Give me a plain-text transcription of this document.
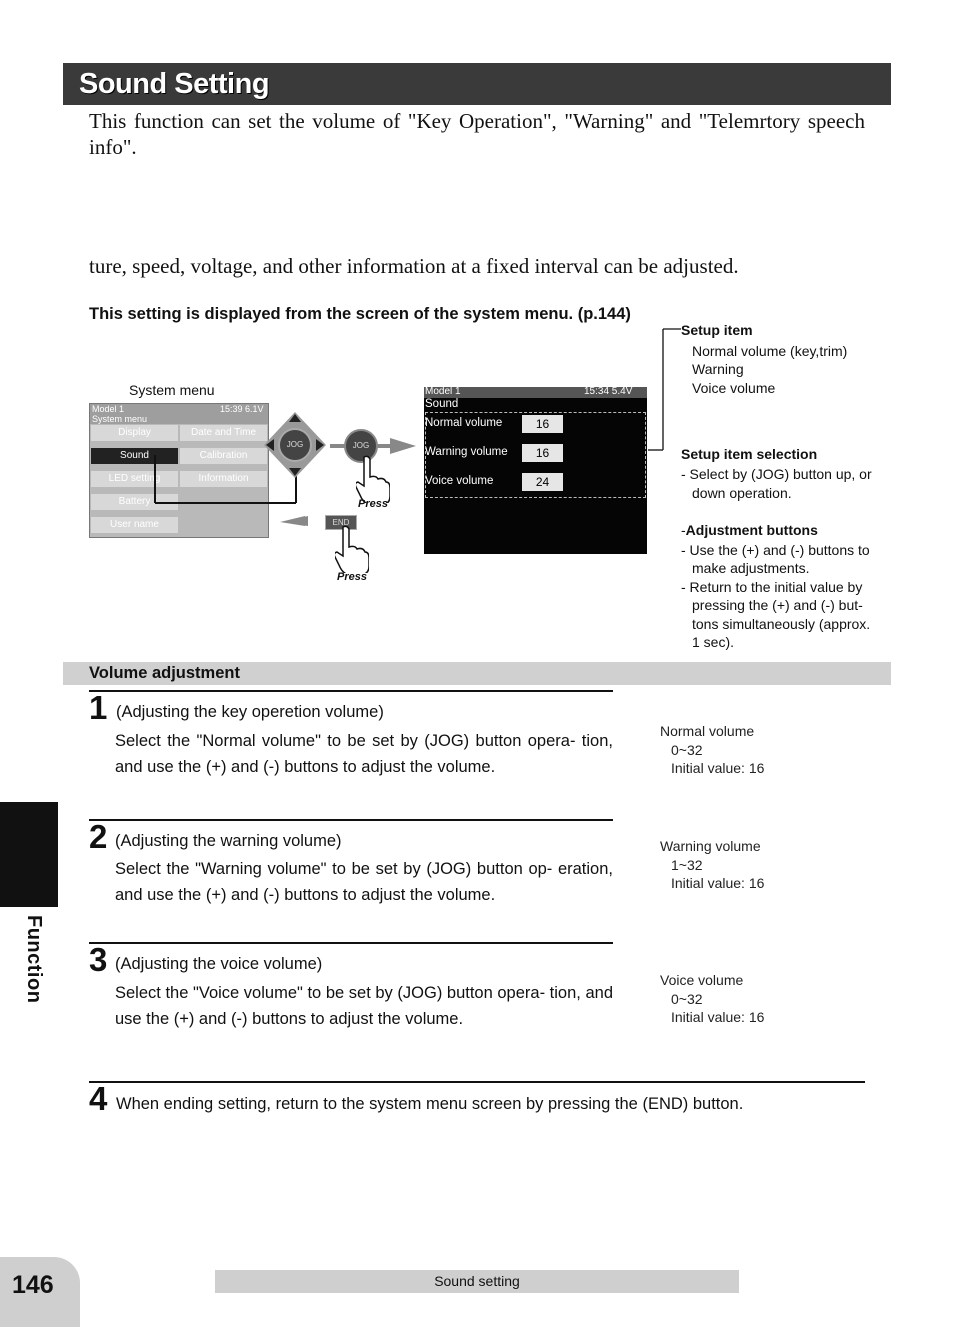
Sound Setting
This function can set the volume of "Key Operation", "Warning" and "Telemrtory speech info".
ture, speed, voltage, and other information at a fixed interval can be adjusted.
This setting is displayed from the screen of the system menu. (p.144)
System menu
Model 1	15:39 6.1V

System menu
Display	Date and Time
Sound	Calibration
LED setting	Information
Battery
User name
JOG	JOG
Press
END
Press
Model 1	15:34 5.4V
Sound
Normal volume	16
Warning volume	16
Voice volume	24
Setup item
Normal volume (key,trim)
Warning
Voice volume
Setup item selection
- Select by (JOG) button up, or
down operation.
-Adjustment buttons
- Use the (+) and (-) buttons to
make adjustments.
- Return to the initial value by
pressing the (+) and (-) but-
tons simultaneously (approx.
1 sec).
Volume adjustment
1 (Adjusting the key operetion volume)
Select the "Normal volume" to be set by (JOG) button opera- tion, and use the (+) and (-) buttons to adjust the volume.
Normal volume
0~32
Initial value: 16
2 (Adjusting the warning volume)
Select the "Warning volume" to be set by (JOG) button op- eration, and use the (+) and (-) buttons to adjust the volume.
Warning volume
1~32
Initial value: 16
3 (Adjusting the voice volume)
Select the "Voice volume" to be set by (JOG) button opera- tion, and use the (+) and (-) buttons to adjust the volume.
Voice volume
0~32
Initial value: 16
4 When ending setting, return to the system menu screen by pressing the (END) button.
Function
146	Sound setting
